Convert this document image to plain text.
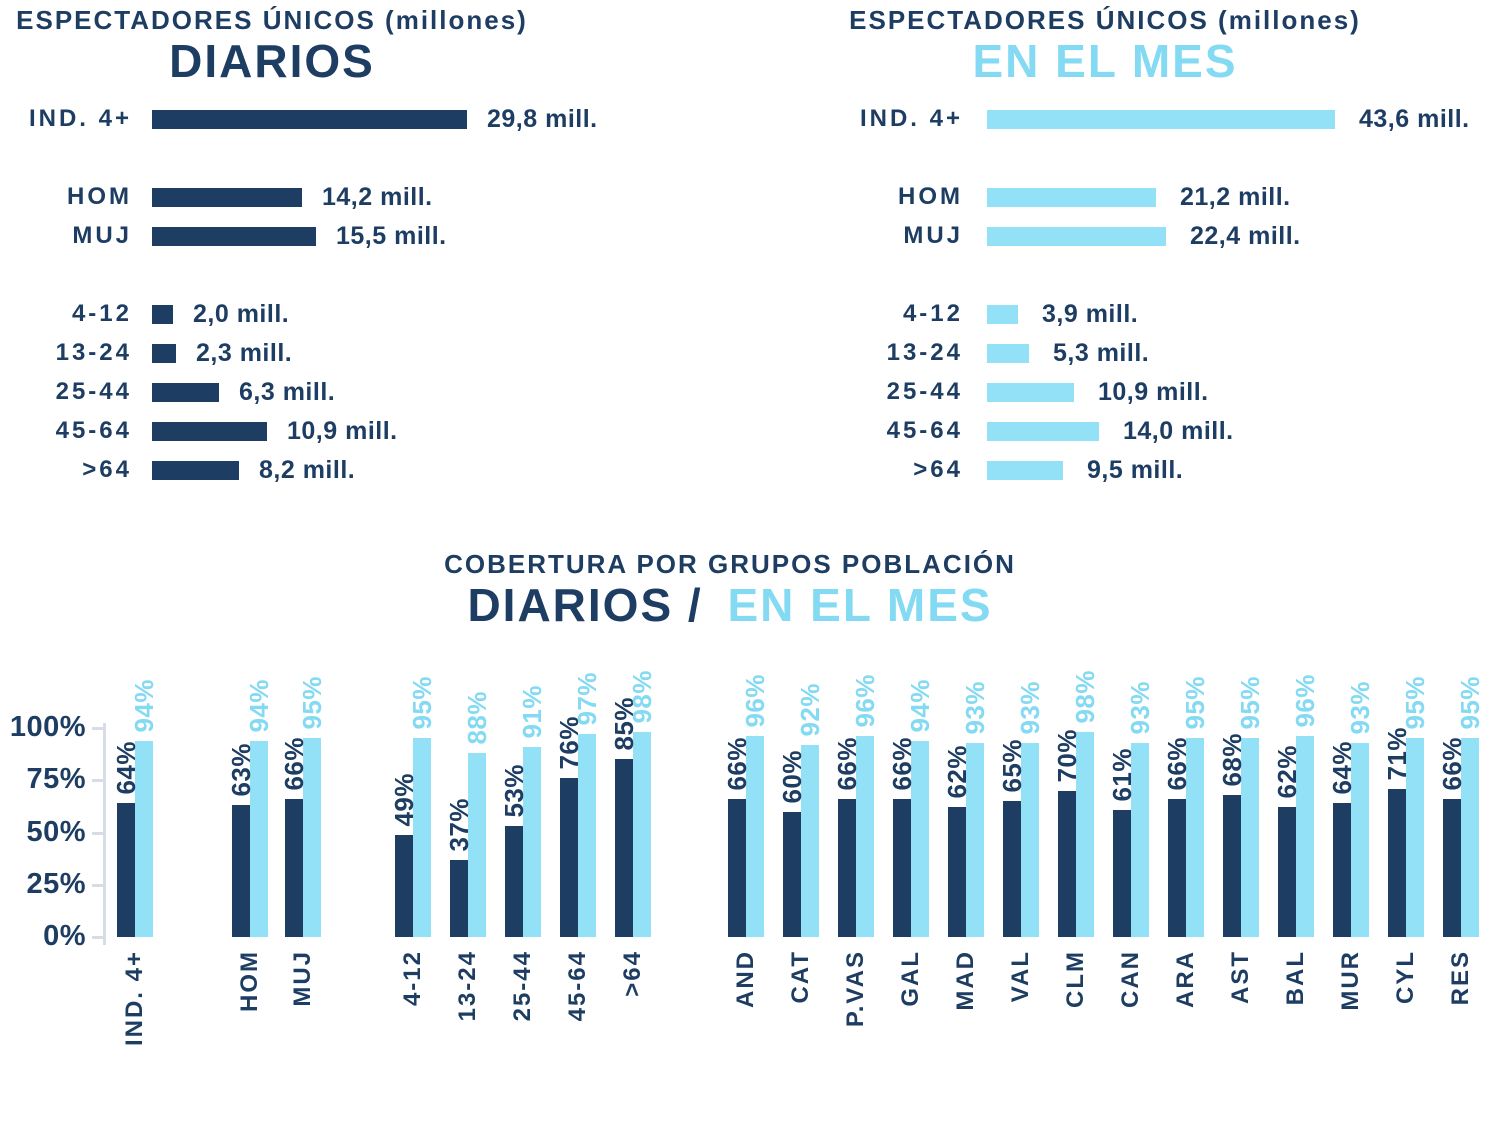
ESPECTADORES ÚNICOS (millones)
DIARIOS
ESPECTADORES ÚNICOS (millones)
EN EL MES
COBERTURA POR GRUPOS POBLACIÓN
DIARIOS / EN EL MES
IND. 4+	29,8 mill.
HOM	14,2 mill.
MUJ	15,5 mill.
4-12 2,0 mill.
13-24	2,3 mill.
25-44	6,3 mill.
45-64	10,9 mill.
>64	8,2 mill.
IND. 4+	43,6 mill.
HOM	21,2 mill.
MUJ	22,4 mill.
4-12	3,9 mill.
13-24	5,3 mill.
25-44	10,9 mill.
45-64	14,0 mill.
>64	9,5 mill.
100%
75%
50%
25%
0%
64%
94%
IND. 4+
63%
94%
HOM
66%
95%
MUJ
49%
95%
4-12
37%
88%
13-24
53%
91%
25-44
76%
97%
45-64
85%
98%
>64
66%
96%
AND
60%
92%
CAT
66%
96%
P.VAS
66%
94%
GAL
62%
93%
MAD
65%
93%
VAL
70%
98%
CLM
61%
93%
CAN
66%
95%
ARA
68%
95%
AST
62%
96%
BAL
64%
93%
MUR
71%
95%
CYL
66%
95%
RES
